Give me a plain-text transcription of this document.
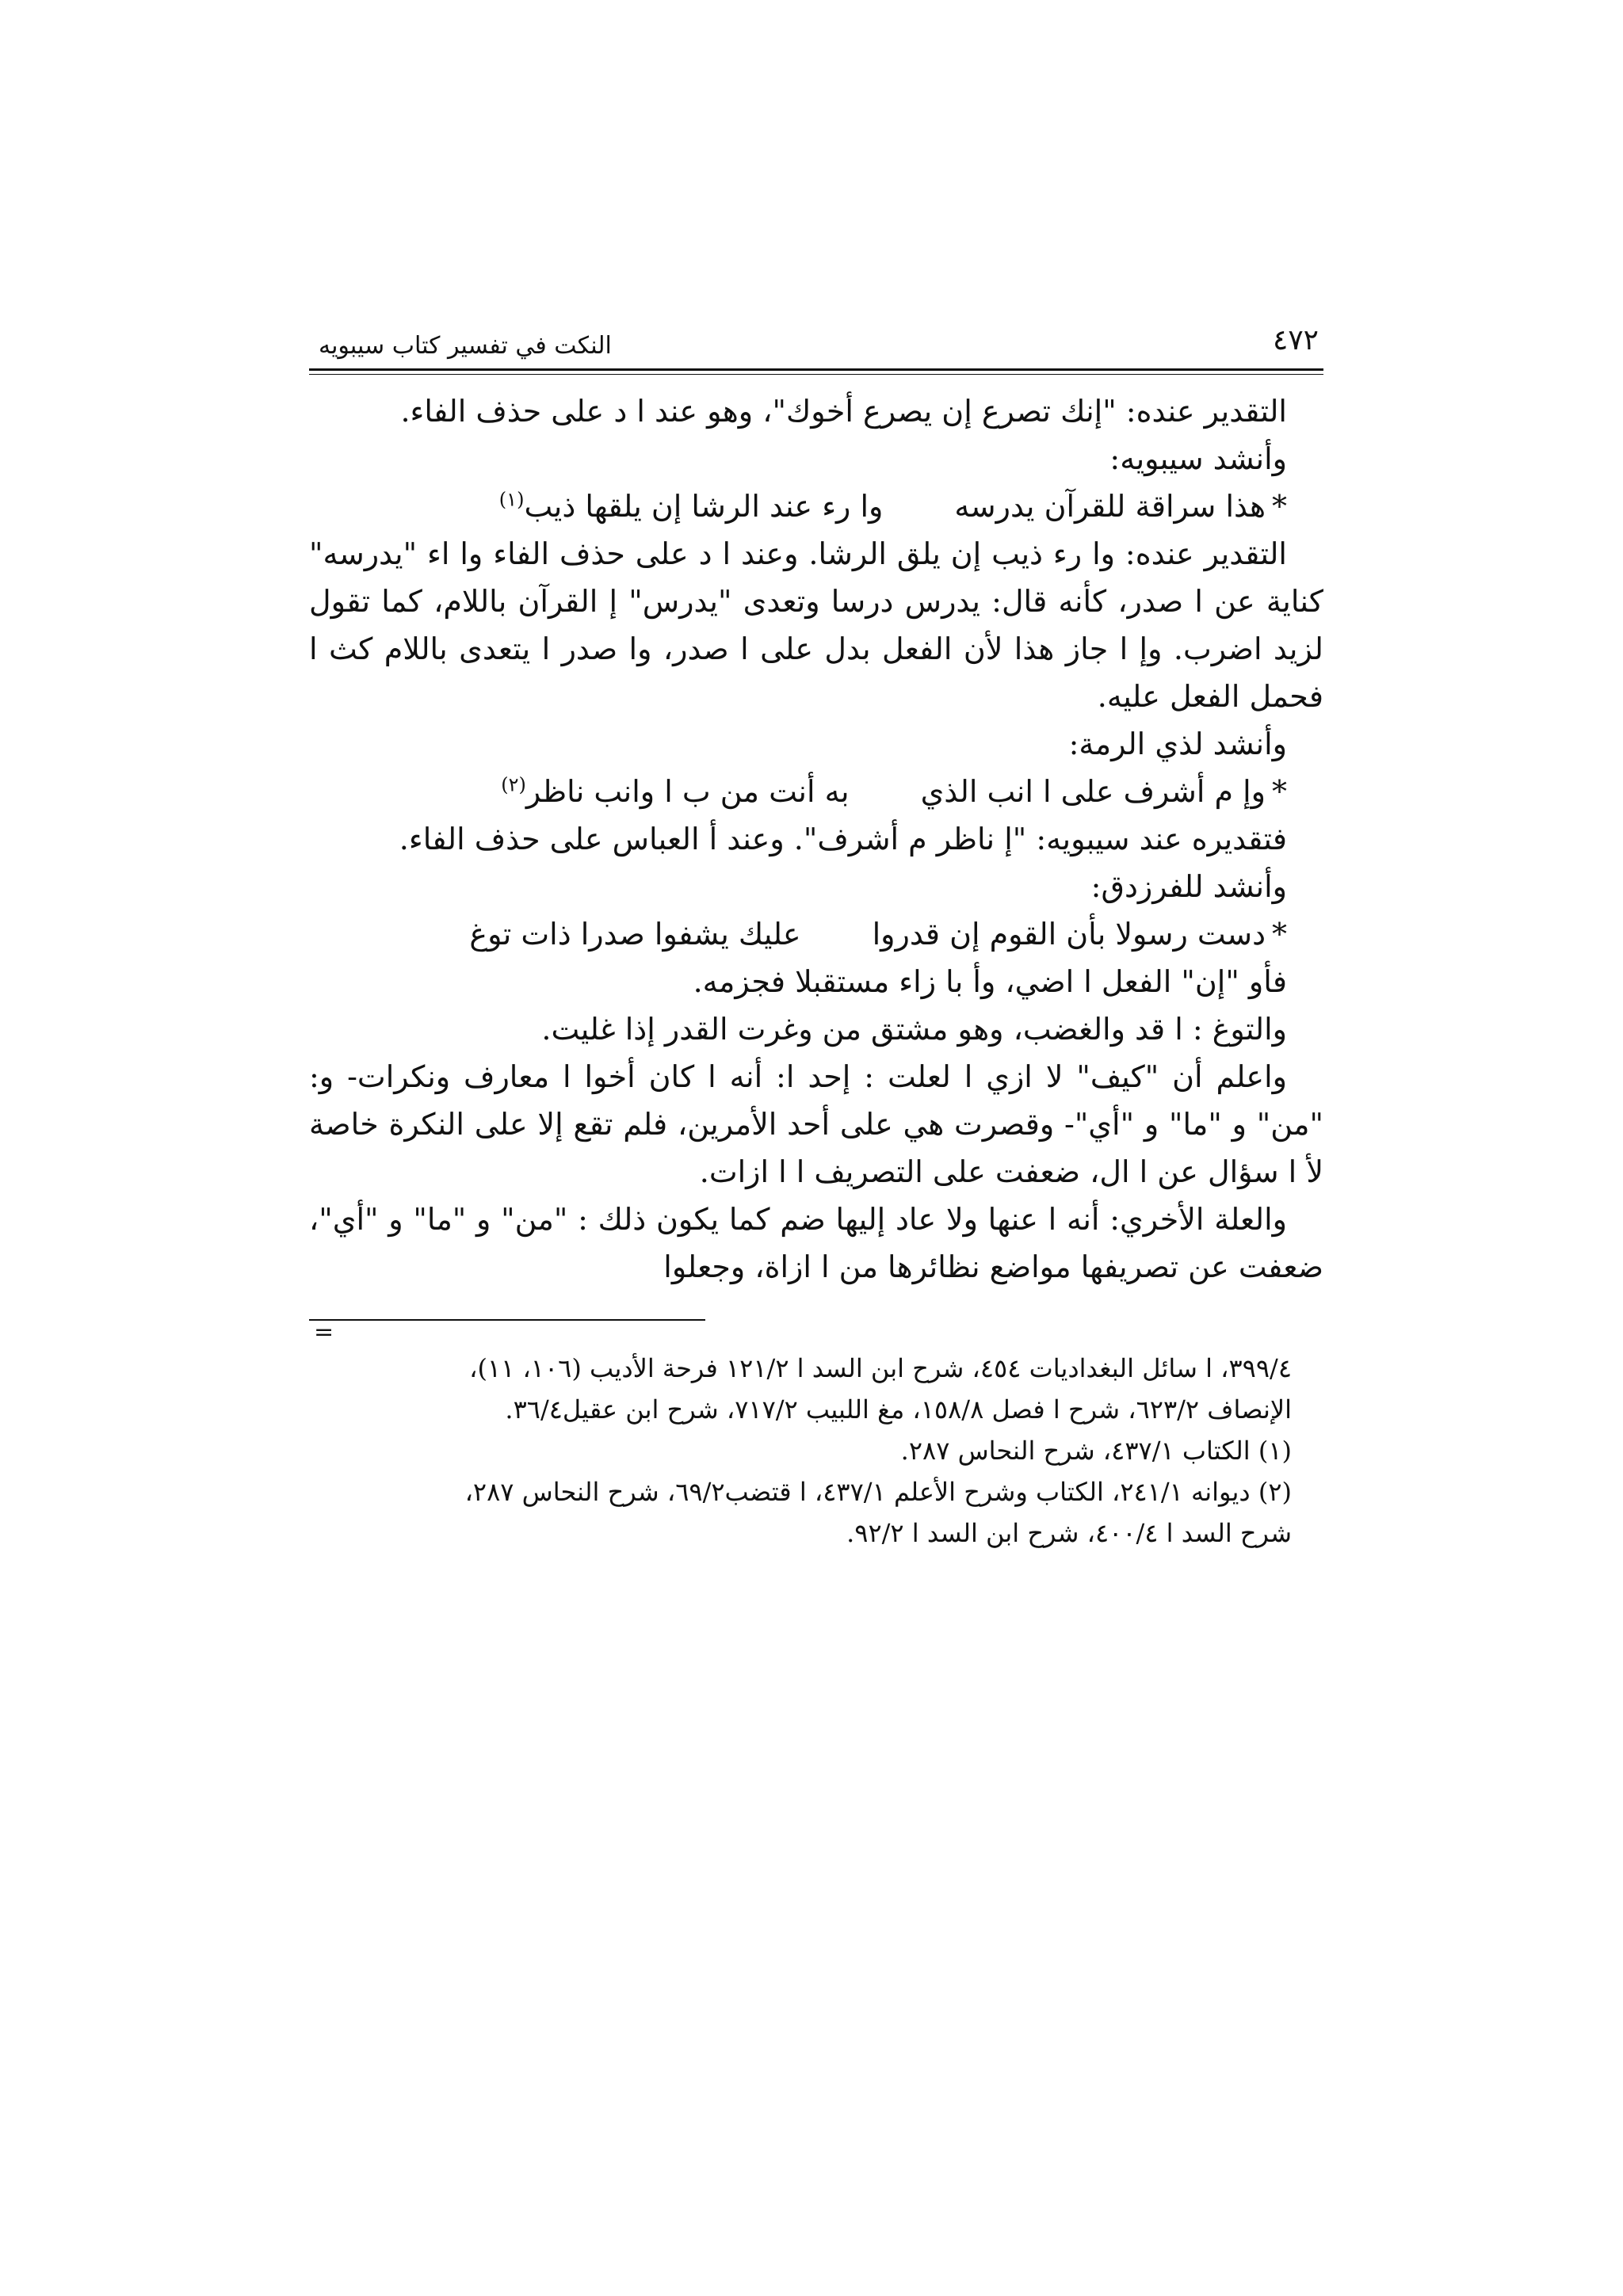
٤٧٢
النكت في تفسير كتاب سيبويه

التقدير عنده: "إنك تصرع إن يصرع أخوك"، وهو عند ا د على حذف الفاء.

وأنشد سيبويه:

*هذا سراقة للقرآن يدرسهوا رء عند الرشا إن يلقها ذيب$^{(١)}$

التقدير عنده: وا رء ذيب إن يلق الرشا. وعند ا د على حذف الفاء وا اء "يدرسه" كناية عن ا صدر، كأنه قال: يدرس درسا وتعدى "يدرس" إ القرآن باللام، كما تقول لزيد اضرب. وإ ا جاز هذا لأن الفعل بدل على ا صدر، وا صدر ا يتعدى باللام كث ا فحمل الفعل عليه.

وأنشد لذي الرمة:

*وإ م أشرف على ا انب الذيبه أنت من ب ا وانب ناظر$^{(٢)}$

فتقديره عند سيبويه: "إ ناظر م أشرف". وعند أ العباس على حذف الفاء.

وأنشد للفرزدق:

*دست رسولا بأن القوم إن قدرواعليك يشفوا صدرا ذات توغ

فأو "إن" الفعل ا اضي، وأ با زاء مستقبلا فجزمه.

والتوغ : ا قد والغضب، وهو مشتق من وغرت القدر إذا غليت.

واعلم أن "كيف" لا ازي ا لعلت : إحد ا: أنه ا كان أخوا ا معارف ونكرات- و: "من" و "ما" و "أي"- وقصرت هي على أحد الأمرين، فلم تقع إلا على النكرة خاصة لأ ا سؤال عن ا ال، ضعفت على التصريف ا ا ازات.

والعلة الأخري: أنه ا عنها ولا عاد إليها ضم كما يكون ذلك : "من" و "ما" و "أي"، ضعفت عن تصريفها مواضع نظائرها من ا ازاة، وجعلوا

=

٣٩٩/٤، ا سائل البغداديات ٤٥٤، شرح ابن السد ا ١٢١/٢ فرحة الأديب (١٠٦، ١١)،
الإنصاف ٦٢٣/٢، شرح ا فصل ١٥٨/٨، مغ اللبيب ٧١٧/٢، شرح ابن عقيل٣٦/٤.

(١) الكتاب ٤٣٧/١، شرح النحاس ٢٨٧.

(٢) ديوانه ٢٤١/١، الكتاب وشرح الأعلم ٤٣٧/١، ا قتضب٦٩/٢، شرح النحاس ٢٨٧،
شرح السد ا ٤٠٠/٤، شرح ابن السد ا ٩٢/٢.
